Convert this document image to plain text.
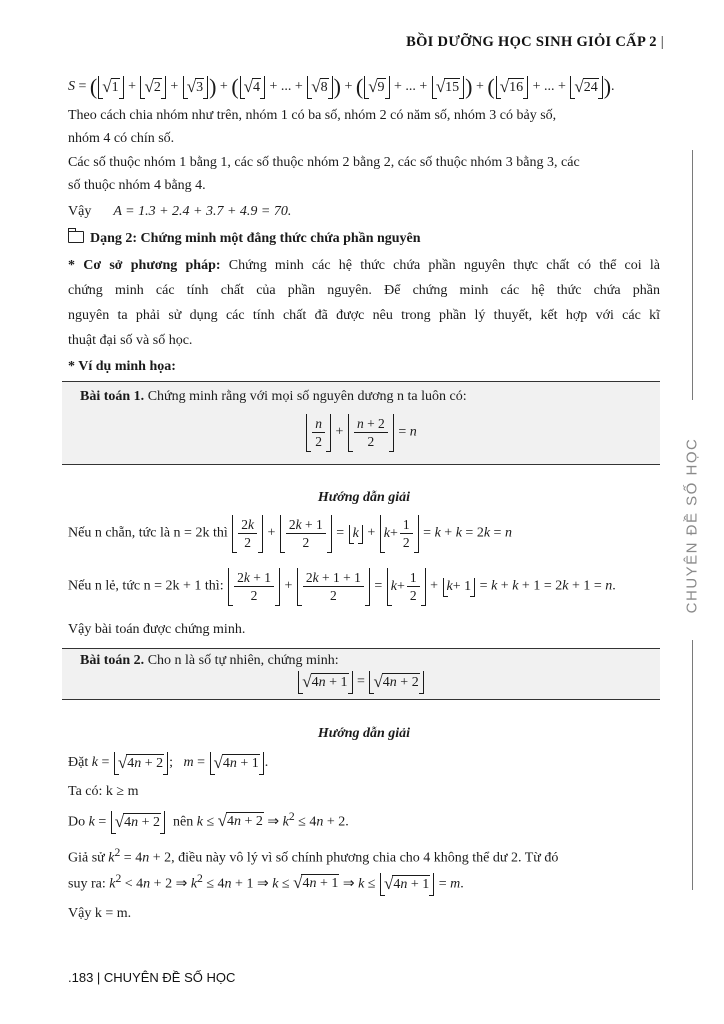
BỒI DƯỠNG HỌC SINH GIỎI CẤP 2 |
CHUYÊN ĐỀ SỐ HỌC
S = ( √ 1 + √ 2 + √ 3 ) + ( √ 4 + ... + √ 8 ) + ( √ 9 + ... + √ 15 ) + ( √ 16 + ... + √ 24 ).
Theo cách chia nhóm như trên, nhóm 1 có ba số, nhóm 2 có năm số, nhóm 3 có bảy số,
nhóm 4 có chín số.
Các số thuộc nhóm 1 bằng 1, các số thuộc nhóm 2 bằng 2, các số thuộc nhóm 3 bằng 3, các
số thuộc nhóm 4 bằng 4.
Vậy A = 1.3 + 2.4 + 3.7 + 4.9 = 70.
Dạng 2: Chứng minh một đẳng thức chứa phần nguyên
* Cơ sở phương pháp: Chứng minh các hệ thức chứa phần nguyên thực chất có thể coi là
chứng minh các tính chất của phần nguyên. Để chứng minh các hệ thức chứa phần
nguyên ta phải sử dụng các tính chất đã được nêu trong phần lý thuyết, kết hợp với các kĩ
thuật đại số và số học.
* Ví dụ minh họa:
Bài toán 1. Chứng minh rằng với mọi số nguyên dương n ta luôn có:
$\frac{n}{2} + \frac{n + 2}{2} = n$
Hướng dẫn giải
Nếu n chẵn, tức là n = 2k thì $\frac{2k}{2} + \frac{2k + 1}{2} = k + k + \frac{1}{2} = k + k = 2k = n$
Nếu n lẻ, tức n = 2k + 1 thì: $\frac{2k + 1}{2} + \frac{2k + 1 + 1}{2} = k + \frac{1}{2} + k + 1 = k + k + 1 = 2k + 1 = n$.
Vậy bài toán được chứng minh.
Bài toán 2. Cho n là số tự nhiên, chứng minh:
√ 4n + 1 = √ 4n + 2
Hướng dẫn giải
Đặt k = √ 4n + 2 ;   m = √ 4n + 1 .
Ta có: k ≥ m
Do k = √ 4n + 2 nên k ≤ √ 4n + 2 ⇒ $k^2 \le 4n + 2$.
Giả sử $k^2 = 4n + 2$, điều này vô lý vì số chính phương chia cho 4 không thể dư 2. Từ đó
suy ra: $k^2 < 4n + 2$ ⇒ $k^2 \le 4n + 1$ ⇒ k ≤ √ 4n + 1 ⇒ k ≤ √ 4n + 1 = m.
Vậy k = m.
.183 | CHUYÊN ĐỀ SỐ HỌC
